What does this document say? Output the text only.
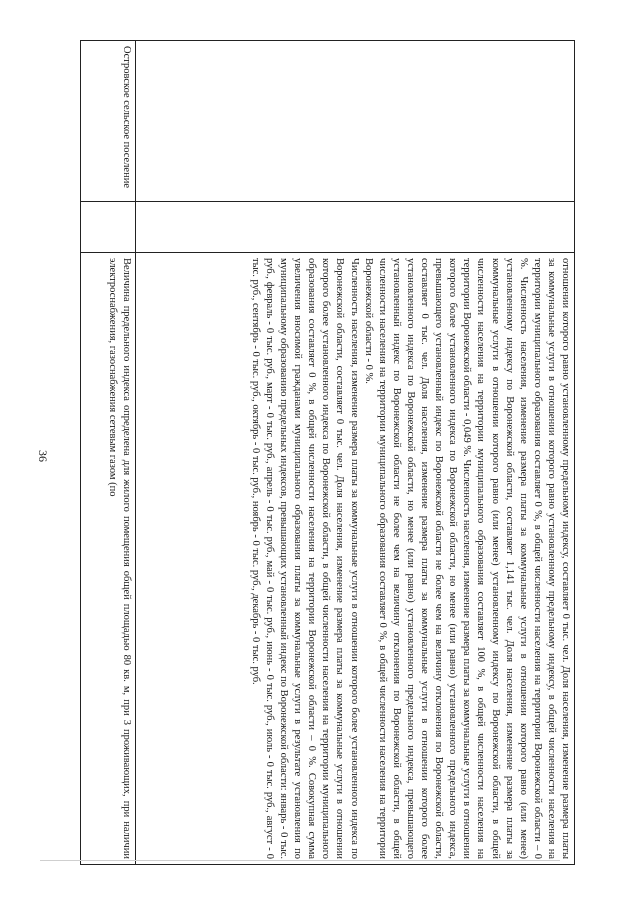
36

		отношении которого равно установленному предельному индексу, составляет 0 тыс. чел. Доля населения, изменение размера платы за коммунальные услуги в отношении которого равно установленному предельному индексу, в общей численности населения на территории муниципального образования составляет 0 %, в общей численности населения на территории Воронежской области – 0 %. Численность населения, изменение размера платы за коммунальные услуги в отношении которого равно (или менее) установленному индексу по Воронежской области, составляет 1,141 тыс. чел. Доля населения, изменение размера платы за коммунальные услуги в отношении которого равно (или менее) установленному индексу по Воронежской области, в общей численности населения на территории муниципального образования составляет 100 %, в общей численности населения на территории Воронежской области - 0,049 %. Численность населения, изменение размера платы за коммунальные услуги в отношении которого более установленного индекса по Воронежской области, но менее (или равно) установленного предельного индекса, превышающего установленный индекс по Воронежской области не более чем на величину отклонения по Воронежской области, составляет 0 тыс. чел. Доля населения, изменение размера платы за коммунальные услуги в отношении которого более установленного индекса по Воронежской области, но менее (или равно) установленного предельного индекса, превышающего установленный индекс по Воронежской области не более чем на величину отклонения по Воронежской области, в общей численности населения на территории муниципального образования составляет 0 %, в общей численности населения на территории Воронежской области - 0 %.

Численность населения, изменение размера платы за коммунальные услуги в отношении которого более установленного индекса по Воронежской области, составляет 0 тыс. чел. Доля населения, изменение размера платы за коммунальные услуги в отношении которого более установленного индекса по Воронежской области, в общей численности населения на территории муниципального образования составляет 0 %, в общей численности населения на территории Воронежской области – 0 %. Совокупная сумма увеличения вносимой гражданами муниципального образования платы за коммунальные услуги в результате установления по муниципальному образованию предельных индексов, превышающих установленный индекс по Воронежской области: январь - 0 тыс. руб., февраль - 0 тыс. руб., март - 0 тыс. руб., апрель - 0 тыс. руб., май - 0 тыс. руб., июнь - 0 тыс. руб., июль - 0 тыс. руб., август - 0 тыс. руб., сентябрь - 0 тыс. руб., октябрь - 0 тыс. руб., ноябрь - 0 тыс. руб., декабрь - 0 тыс. руб.

Островское сельское поселение		Величина предельного индекса определена для жилого помещения общей площадью 80 кв. м, при 3 проживающих, при наличии электроснабжения, газоснабжения сетевым газом (по
